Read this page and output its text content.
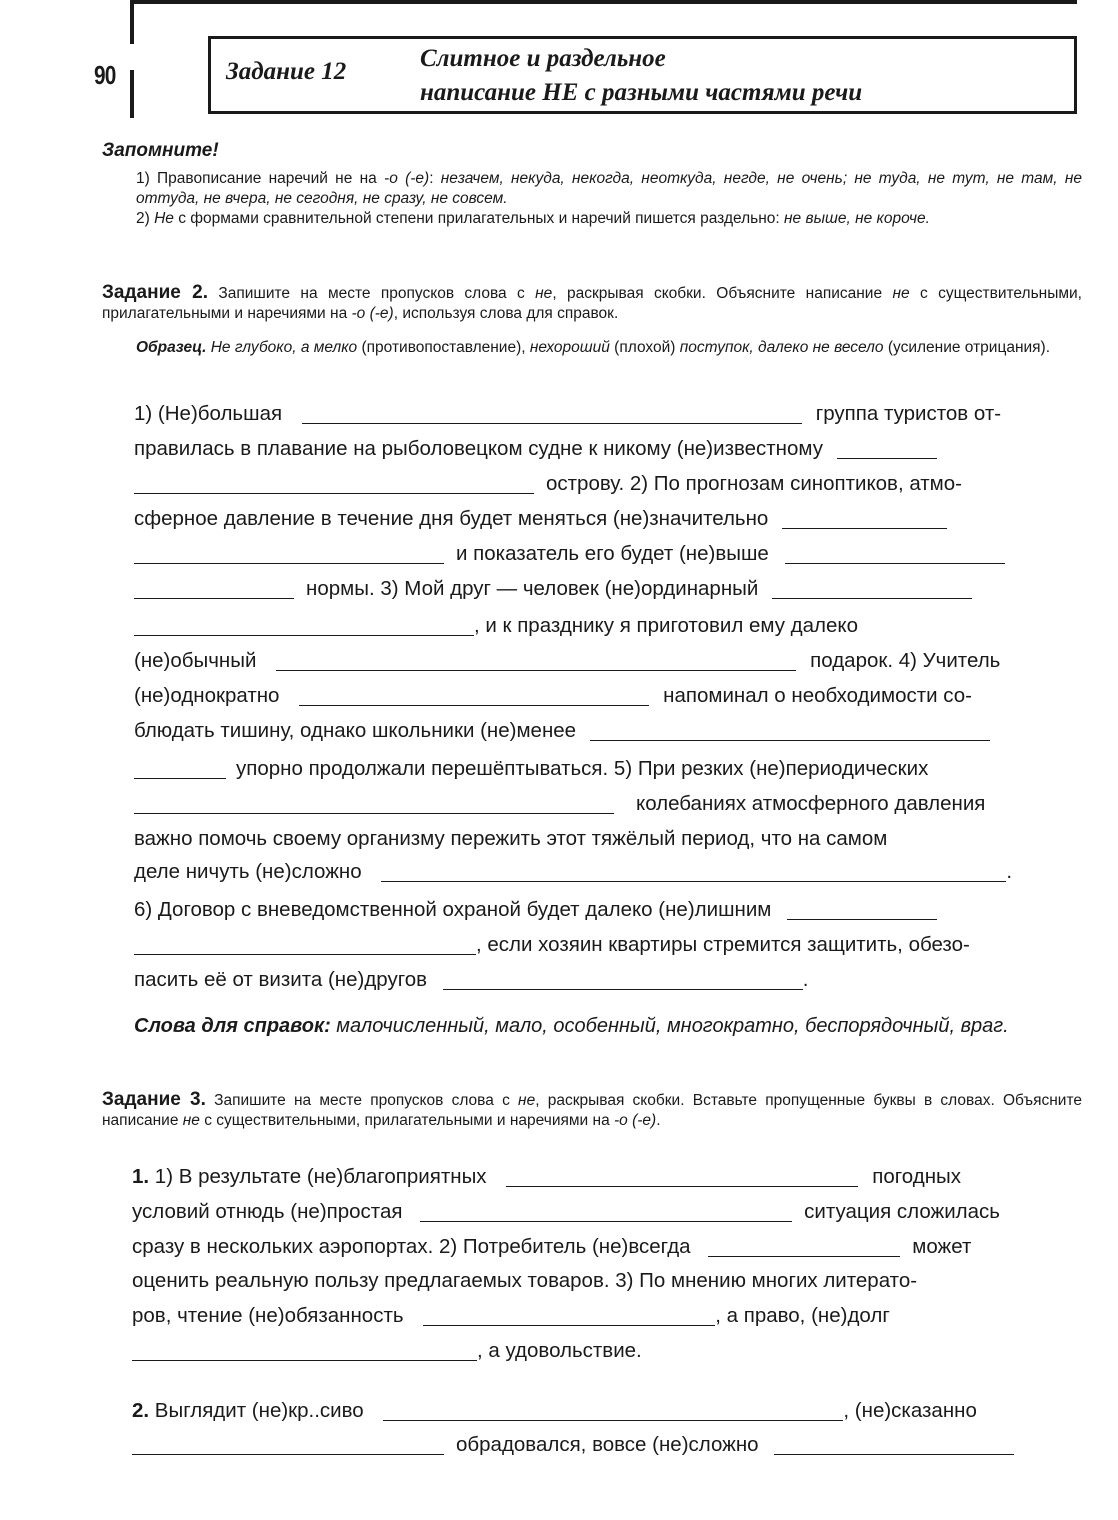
90	Задание 12	Слитное и раздельное
написание НЕ с разными частями речи
Запомните!

1) Правописание наречий не на -о (-е): незачем, некуда, некогда, неоткуда, негде, не очень; не туда, не тут, не там, не оттуда, не вчера, не сегодня, не сразу, не совсем.

2) Не с формами сравнительной степени прилагательных и наречий пишется раздельно: не выше, не короче.

Задание 2. Запишите на месте пропусков слова с не, раскрывая скобки. Объясните написание не с существительными, прилагательными и наречиями на -о (-е), используя слова для справок.
Образец. Не глубоко, а мелко (противопоставление), нехороший (плохой) поступок, далеко не весело (усиление отрицания).
1) (Не)большая	группа туристов от-
правилась в плавание на рыболовецком судне к никому (не)известному
острову. 2) По прогнозам синоптиков, атмо-
сферное давление в течение дня будет меняться (не)значительно
и показатель его будет (не)выше
нормы. 3) Мой друг — человек (не)ординарный
, и к празднику я приготовил ему далеко
(не)обычный	подарок. 4) Учитель
(не)однократно	напоминал о необходимости со-
блюдать тишину, однако школьники (не)менее
упорно продолжали перешёптываться. 5) При резких (не)периодических
колебаниях атмосферного давления
важно помочь своему организму пережить этот тяжёлый период, что на самом
деле ничуть (не)сложно	.
6) Договор с вневедомственной охраной будет далеко (не)лишним
, если хозяин квартиры стремится защитить, обезо-
пасить её от визита (не)другов	.
Слова для справок: малочисленный, мало, особенный, многократно, беспорядочный, враг.
Задание 3. Запишите на месте пропусков слова с не, раскрывая скобки. Вставьте пропущенные буквы в словах. Объясните написание не с существительными, прилагательными и наречиями на -о (-е).
1. 1) В результате (не)благоприятных	погодных
условий отнюдь (не)простая	ситуация сложилась
сразу в нескольких аэропортах. 2) Потребитель (не)всегда	может
оценить реальную пользу предлагаемых товаров. 3) По мнению многих литерато-
ров, чтение (не)обязанность	, а право, (не)долг
, а удовольствие.
2. Выглядит (не)кр..сиво	, (не)сказанно
обрадовался, вовсе (не)сложно
